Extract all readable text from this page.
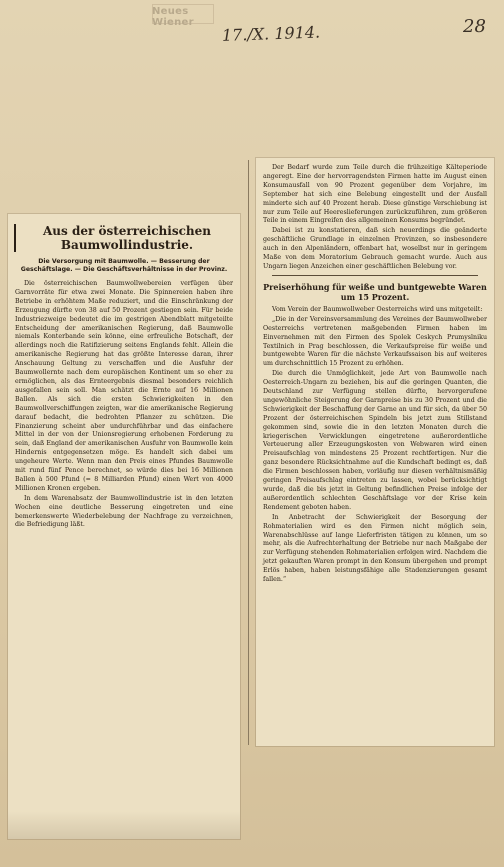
Neues Wiener
17./X. 1914.	28
Aus der österreichischen Baumwollindustrie.
Die Versorgung mit Baumwolle. — Besserung der Geschäftslage. — Die Geschäftsverhältnisse in der Provinz.

Die österreichischen Baumwollwebereien verfügen über Garnvorräte für etwa zwei Monate. Die Spinnereien haben ihre Betriebe in erhöhtem Maße reduziert, und die Einschränkung der Erzeugung dürfte von 38 auf 50 Prozent gestiegen sein. Für beide Industriezweige bedeutet die im gestrigen Abendblatt mitgeteilte Entscheidung der amerikanischen Regierung, daß Baumwolle niemals Konterbande sein könne, eine erfreuliche Botschaft, der allerdings noch die Ratifizierung seitens Englands fehlt. Allein die amerikanische Regierung hat das größte Interesse daran, ihrer Anschauung Geltung zu verschaffen und die Ausfuhr der Baumwollernte nach dem europäischen Kontinent um so eher zu ermöglichen, als das Ernteergebnis diesmal besonders reichlich ausgefallen sein soll. Man schätzt die Ernte auf 16 Millionen Ballen. Als sich die ersten Schwierigkeiten in den Baumwollverschiffungen zeigten, war die amerikanische Regierung darauf bedacht, die bedrohten Pflanzer zu schützen. Die Finanzierung scheint aber undurchführbar und das einfachere Mittel in der von der Unionsregierung erhobenen Forderung zu sein, daß England der amerikanischen Ausfuhr von Baumwolle kein Hindernis entgegensetzen möge. Es handelt sich dabei um ungeheure Werte. Wenn man den Preis eines Pfundes Baumwolle mit rund fünf Pence berechnet, so würde dies bei 16 Millionen Ballen à 500 Pfund (= 8 Milliarden Pfund) einen Wert von 4000 Millionen Kronen ergeben.

In dem Warenabsatz der Baumwollindustrie ist in den letzten Wochen eine deutliche Besserung eingetreten und eine bemerkenswerte Wiederbelebung der Nachfrage zu verzeichnen, die Befriedigung läßt.

Der Bedarf wurde zum Teile durch die frühzeitige Kälteperiode angeregt. Eine der hervorragendsten Firmen hatte im August einen Konsumausfall von 90 Prozent gegenüber dem Vorjahre, im September hat sich eine Belebung eingestellt und der Ausfall minderte sich auf 40 Prozent herab. Diese günstige Verschiebung ist nur zum Teile auf Heereslieferungen zurückzuführen, zum größeren Teile in einem Eingreifen des allgemeinen Konsums begründet.

Dabei ist zu konstatieren, daß sich neuerdings die geänderte geschäftliche Grundlage in einzelnen Provinzen, so insbesondere auch in den Alpenländern, offenbart hat, woselbst nur in geringem Maße von dem Moratorium Gebrauch gemacht wurde. Auch aus Ungarn liegen Anzeichen einer geschäftlichen Belebung vor.

Preiserhöhung für weiße und buntgewebte Waren um 15 Prozent.

Vom Verein der Baumwollweber Oesterreichs wird uns mitgeteilt:

„Die in der Vereinsversammlung des Vereines der Baumwollweber Oesterreichs vertretenen maßgebenden Firmen haben im Einvernehmen mit den Firmen des Spolek Ceskych Prumyslniku Textilnich in Prag beschlossen, die Verkaufspreise für weiße und buntgewebte Waren für die nächste Verkaufssaison bis auf weiteres um durchschnittlich 15 Prozent zu erhöhen.

Die durch die Unmöglichkeit, jede Art von Baumwolle nach Oesterreich-Ungarn zu beziehen, bis auf die geringen Quanten, die Deutschland zur Verfügung stellen dürfte, hervorgerufene ungewöhnliche Steigerung der Garnpreise bis zu 30 Prozent und die Schwierigkeit der Beschaffung der Garne an und für sich, da über 50 Prozent der österreichischen Spindeln bis jetzt zum Stillstand gekommen sind, sowie die in den letzten Monaten durch die kriegerischen Verwicklungen eingetretene außerordentliche Verteuerung aller Erzeugungskosten von Webwaren wird einen Preisaufschlag von mindestens 25 Prozent rechtfertigen. Nur die ganz besondere Rücksichtnahme auf die Kundschaft bedingt es, daß die Firmen beschlossen haben, vorläufig nur diesen verhältnismäßig geringen Preisaufschlag eintreten zu lassen, wobei berücksichtigt wurde, daß die bis jetzt in Geltung befindlichen Preise infolge der außerordentlich schlechten Geschäftslage vor der Krise kein Rendement geboten haben.

In Anbetracht der Schwierigkeit der Besorgung der Rohmaterialien wird es den Firmen nicht möglich sein, Warenabschlüsse auf lange Lieferfristen tätigen zu können, um so mehr, als die Aufrechterhaltung der Betriebe nur nach Maßgabe der zur Verfügung stehenden Rohmaterialien erfolgen wird. Nachdem die jetzt gekauften Waren prompt in den Konsum übergehen und prompt Erlös haben, haben leistungsfähige alle Stadenzierungen gesamt fallen.“
